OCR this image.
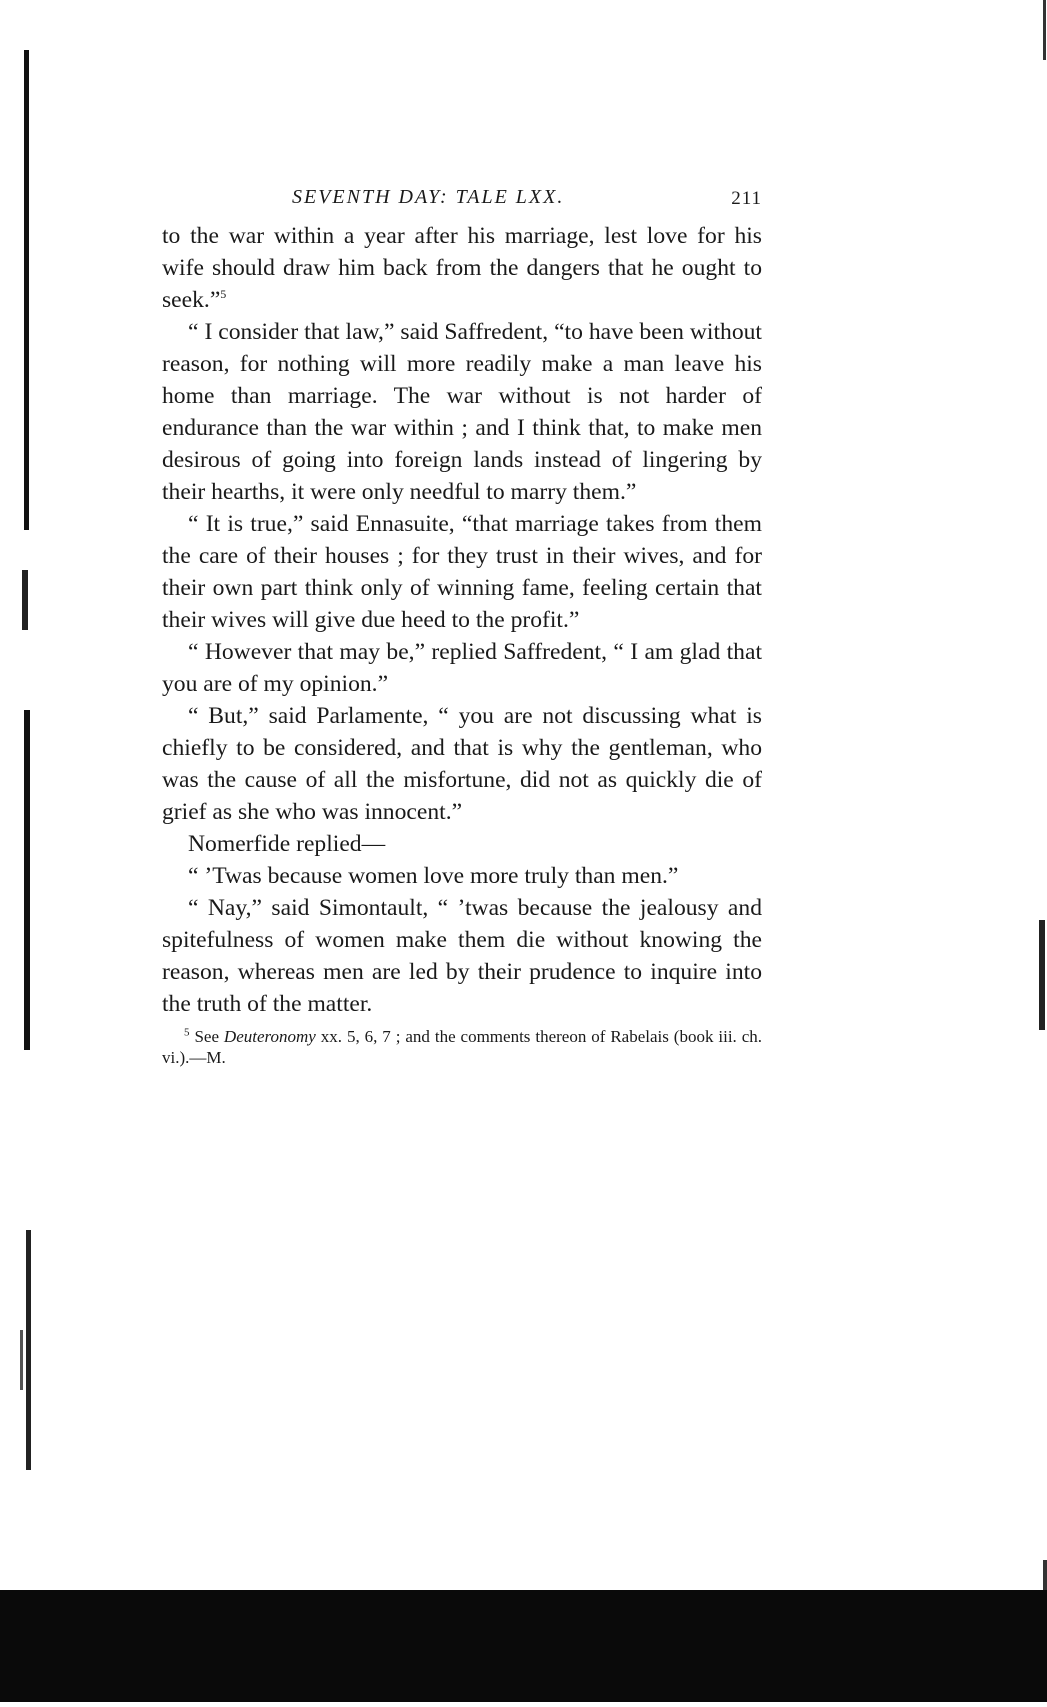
SEVENTH DAY: TALE LXX.	211

to the war within a year after his marriage, lest love for his wife should draw him back from the dangers that he ought to seek.”$^5$

“ I consider that law,” said Saffredent, “to have been without reason, for nothing will more readily make a man leave his home than marriage. The war without is not harder of endurance than the war within ; and I think that, to make men desirous of going into foreign lands instead of lingering by their hearths, it were only needful to marry them.”

“ It is true,” said Ennasuite, “that marriage takes from them the care of their houses ; for they trust in their wives, and for their own part think only of winning fame, feeling certain that their wives will give due heed to the profit.”

“ However that may be,” replied Saffredent, “ I am glad that you are of my opinion.”

“ But,” said Parlamente, “ you are not discussing what is chiefly to be considered, and that is why the gentleman, who was the cause of all the misfortune, did not as quickly die of grief as she who was innocent.”

Nomerfide replied—

“ ’Twas because women love more truly than men.”

“ Nay,” said Simontault, “ ’twas because the jealousy and spitefulness of women make them die without knowing the reason, whereas men are led by their prudence to inquire into the truth of the matter.

$^5$ See Deuteronomy xx. 5, 6, 7 ; and the comments thereon of Rabelais (book iii. ch. vi.).—M.
